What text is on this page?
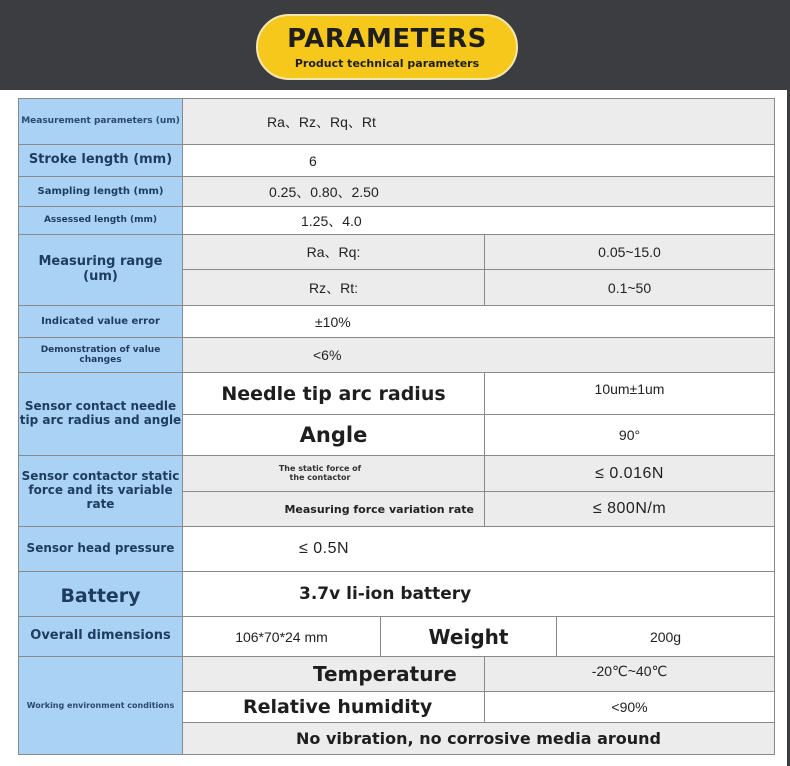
PARAMETERS
Product technical parameters
Measurement parameters (um)	Ra、Rz、Rq、Rt			
Stroke length (mm)	6			
Sampling length (mm)	0.25、0.80、2.50			
Assessed length (mm)	1.25、4.0			
Measuring range (um)	Ra、Rq:		0.05~15.0	
	Rz、Rt:		0.1~50	
Indicated value error	±10%			
Demonstration of value changes	<6%			
Sensor contact needle tip arc radius and angle	Needle tip arc radius		10um±1um	
	Angle		90°	
Sensor contactor static force and its variable rate	The static force of the contactor		≤ 0.016N	
	Measuring force variation rate		≤ 800N/m	
Sensor head pressure	≤ 0.5N			
Battery	3.7v li-ion battery			
Overall dimensions	106*70*24 mm	Weight		200g
Working environment conditions	Temperature		-20℃~40℃	
	Relative humidity		<90%	
	No vibration, no corrosive media around			
